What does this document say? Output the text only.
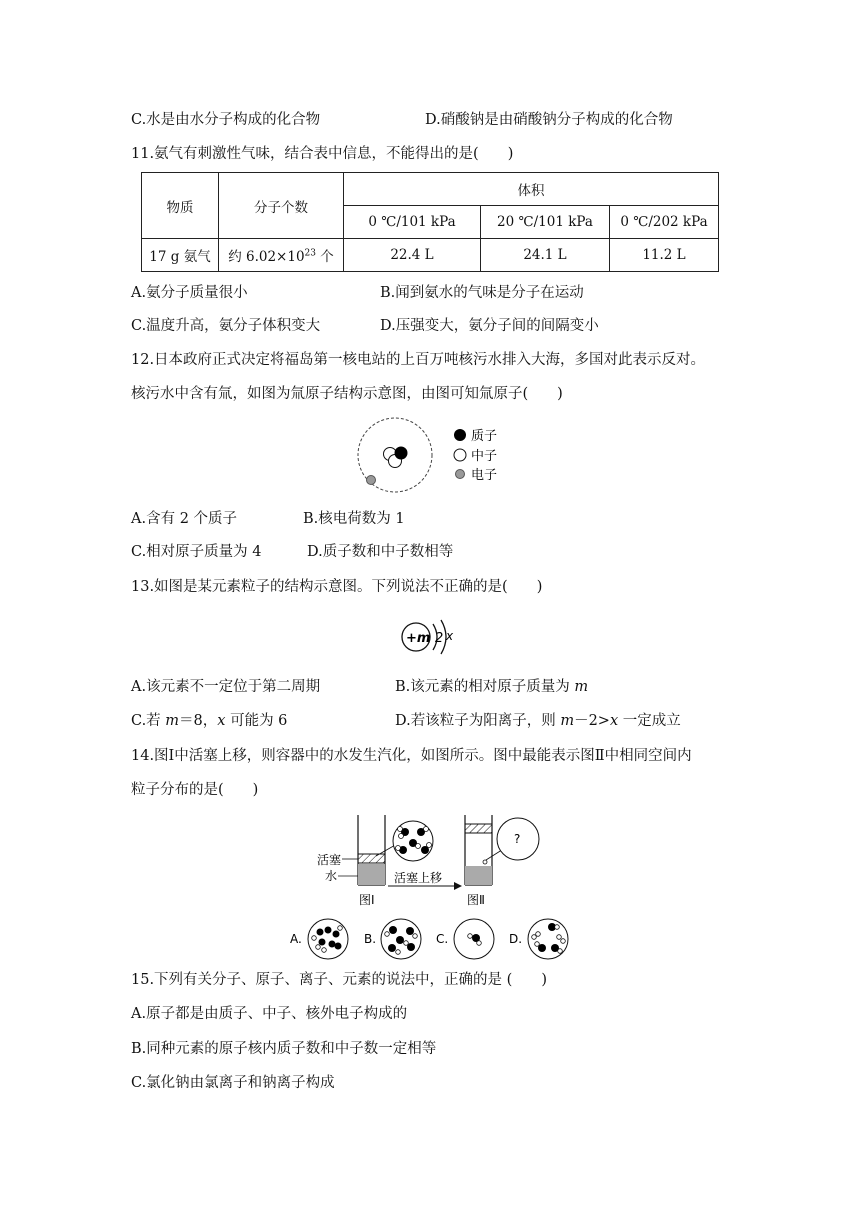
C.水是由水分子构成的化合物	D.硝酸钠是由硝酸钠分子构成的化合物
11.氨气有刺激性气味，结合表中信息，不能得出的是(　　)
物质	分子个数	体积		
		0 ℃/101 kPa	20 ℃/101 kPa	0 ℃/202 kPa
17 g 氨气	约 $6.02\times 10^{23}$ 个	22.4 L	24.1 L	11.2 L
A.氨分子质量很小	B.闻到氨水的气味是分子在运动
C.温度升高，氨分子体积变大	D.压强变大，氨分子间的间隔变小
12.日本政府正式决定将福岛第一核电站的上百万吨核污水排入大海，多国对此表示反对。
核污水中含有氚，如图为氚原子结构示意图，由图可知氚原子(　　)
质子
中子
电子
A.含有 2 个质子	B.核电荷数为 1
C.相对原子质量为 4	D.质子数和中子数相等
13.如图是某元素粒子的结构示意图。下列说法不正确的是(　　)
+m 2 x
A.该元素不一定位于第二周期	B.该元素的相对原子质量为 m
C.若 m＝8，x 可能为 6	D.若该粒子为阳离子，则 m－2>x 一定成立
14.图Ⅰ中活塞上移，则容器中的水发生汽化，如图所示。图中最能表示图Ⅱ中相同空间内
粒子分布的是(　　)
活塞
水	活塞上移
?
图Ⅰ	图Ⅱ
A.	B.	C.	D.
15.下列有关分子、原子、离子、元素的说法中，正确的是 (　　)
A.原子都是由质子、中子、核外电子构成的
B.同种元素的原子核内质子数和中子数一定相等
C.氯化钠由氯离子和钠离子构成
